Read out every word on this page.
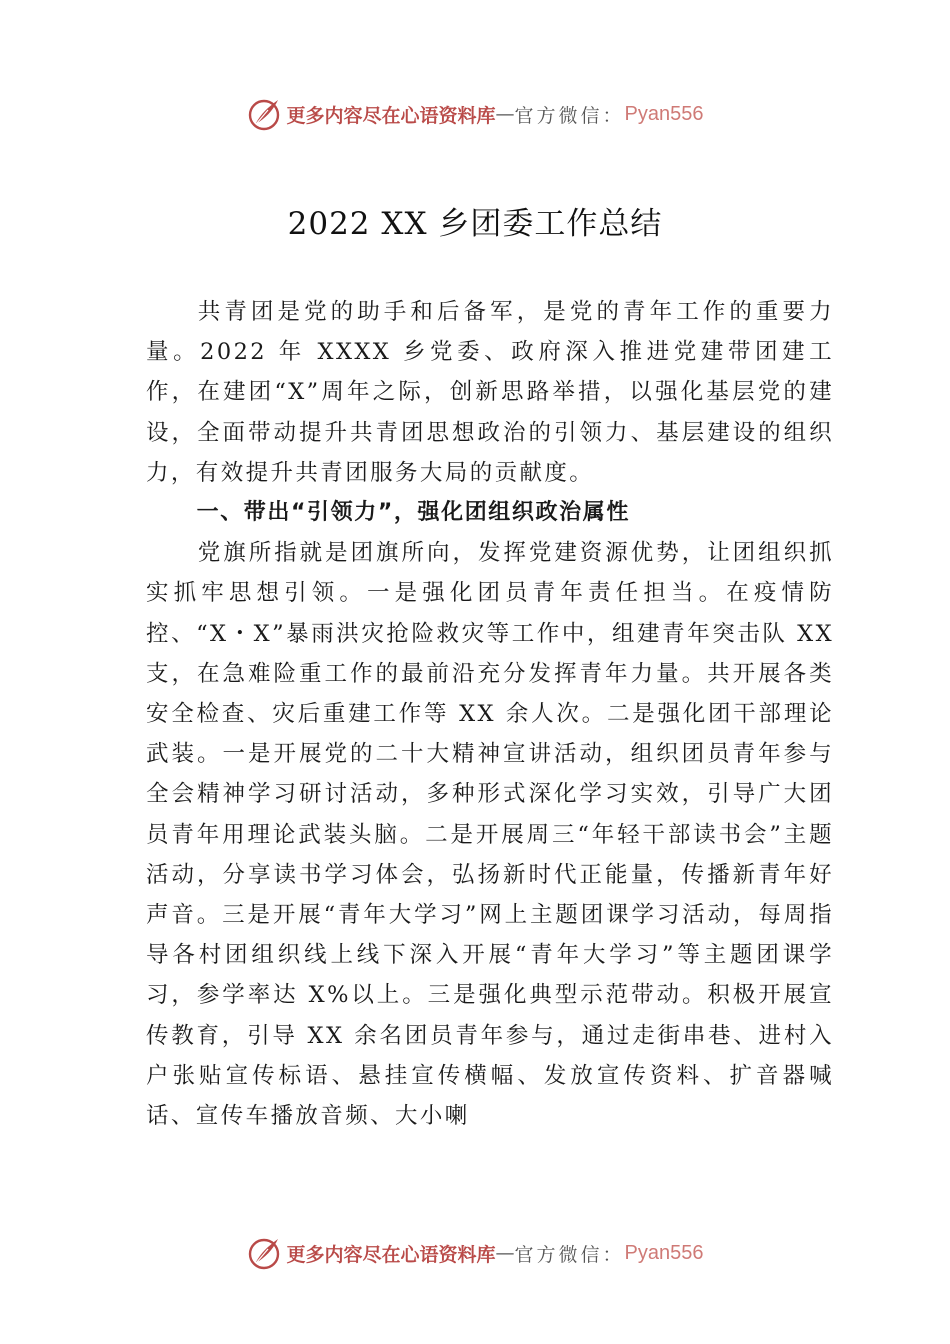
更多内容尽在心语资料库 — 官方微信： Pyan556
2022 XX 乡团委工作总结

共青团是党的助手和后备军，是党的青年工作的重要力量。2022 年 XXXX 乡党委、政府深入推进党建带团建工作，在建团“X”周年之际，创新思路举措，以强化基层党的建设，全面带动提升共青团思想政治的引领力、基层建设的组织力，有效提升共青团服务大局的贡献度。

一、带出“引领力”，强化团组织政治属性

党旗所指就是团旗所向，发挥党建资源优势，让团组织抓实抓牢思想引领。一是强化团员青年责任担当。在疫情防控、“X・X”暴雨洪灾抢险救灾等工作中，组建青年突击队 XX 支，在急难险重工作的最前沿充分发挥青年力量。共开展各类安全检查、灾后重建工作等 XX 余人次。二是强化团干部理论武装。一是开展党的二十大精神宣讲活动，组织团员青年参与全会精神学习研讨活动，多种形式深化学习实效，引导广大团员青年用理论武装头脑。二是开展周三“年轻干部读书会”主题活动，分享读书学习体会，弘扬新时代正能量，传播新青年好声音。三是开展“青年大学习”网上主题团课学习活动，每周指导各村团组织线上线下深入开展“青年大学习”等主题团课学习，参学率达 X%以上。三是强化典型示范带动。积极开展宣传教育，引导 XX 余名团员青年参与，通过走街串巷、进村入户张贴宣传标语、悬挂宣传横幅、发放宣传资料、扩音器喊话、宣传车播放音频、大小喇

更多内容尽在心语资料库 — 官方微信： Pyan556
